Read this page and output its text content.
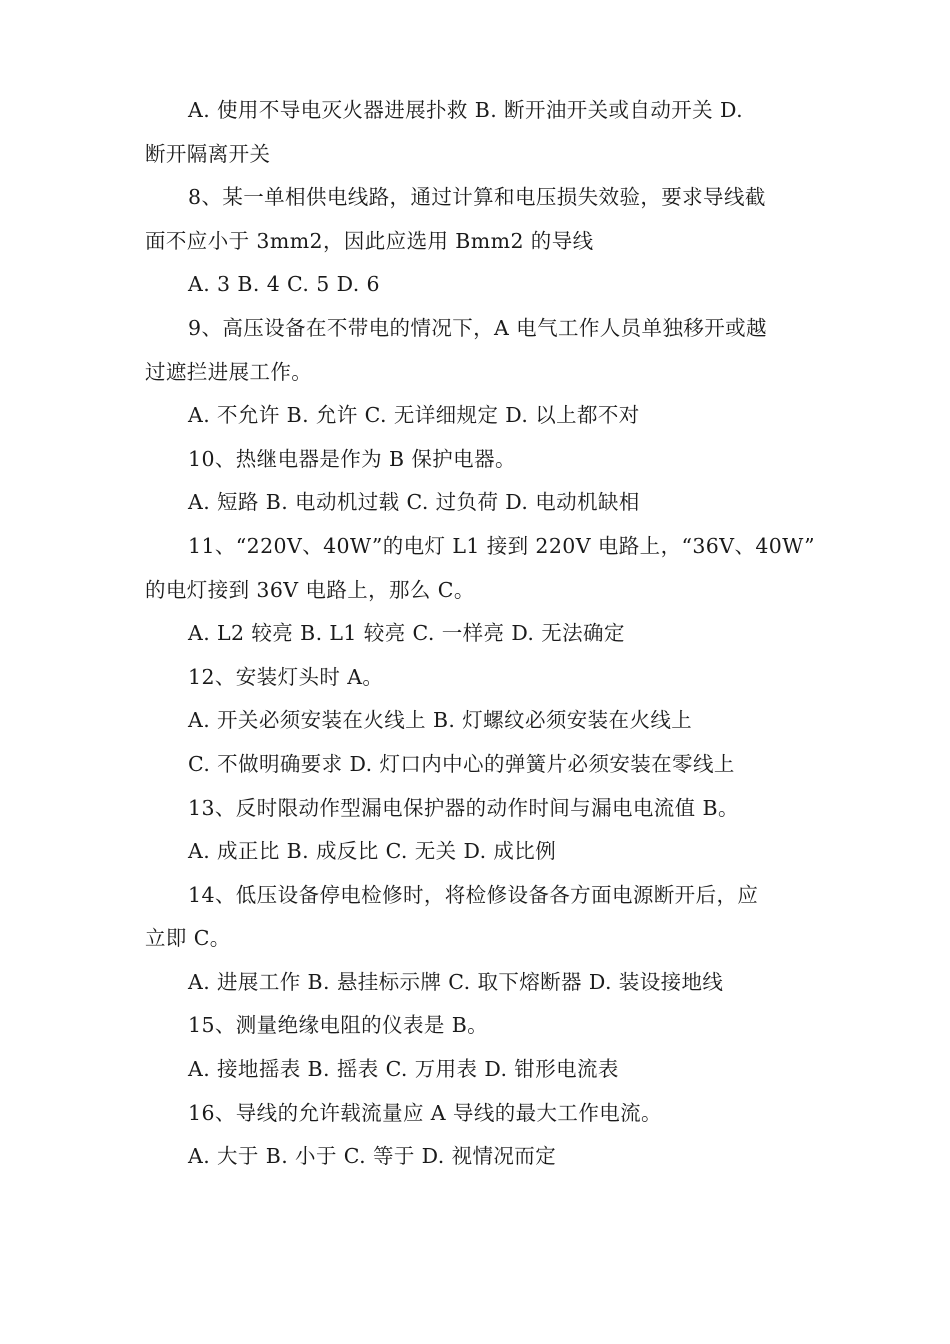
A. 使用不导电灭火器进展扑救 B. 断开油开关或自动开关 D.
断开隔离开关
8、某一单相供电线路，通过计算和电压损失效验，要求导线截
面不应小于 3mm2，因此应选用 Bmm2 的导线
A. 3 B. 4 C. 5 D. 6
9、高压设备在不带电的情况下，A 电气工作人员单独移开或越
过遮拦进展工作。
A. 不允许 B. 允许 C. 无详细规定 D. 以上都不对
10、热继电器是作为 B 保护电器。
A. 短路 B. 电动机过载 C. 过负荷 D. 电动机缺相
11、“220V、40W”的电灯 L1 接到 220V 电路上，“36V、40W”
的电灯接到 36V 电路上，那么 C。
A. L2 较亮 B. L1 较亮 C. 一样亮 D. 无法确定
12、安装灯头时 A。
A. 开关必须安装在火线上 B. 灯螺纹必须安装在火线上
C. 不做明确要求 D. 灯口内中心的弹簧片必须安装在零线上
13、反时限动作型漏电保护器的动作时间与漏电电流值 B。
A. 成正比 B. 成反比 C. 无关 D. 成比例
14、低压设备停电检修时，将检修设备各方面电源断开后，应
立即 C。
A. 进展工作 B. 悬挂标示牌 C. 取下熔断器 D. 装设接地线
15、测量绝缘电阻的仪表是 B。
A. 接地摇表 B. 摇表 C. 万用表 D. 钳形电流表
16、导线的允许载流量应 A 导线的最大工作电流。
A. 大于 B. 小于 C. 等于 D. 视情况而定
